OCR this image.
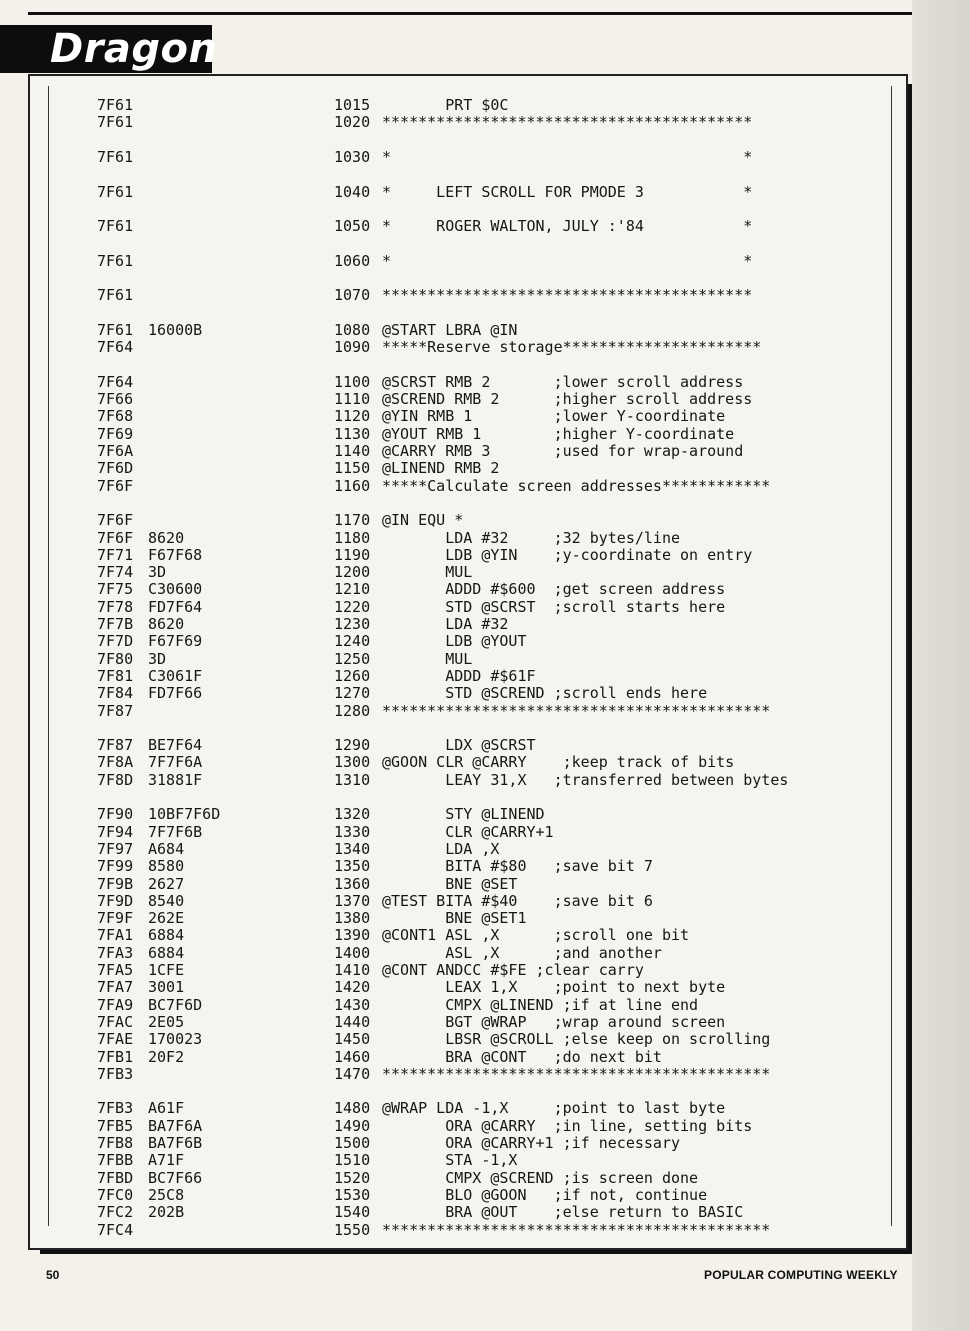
Dragon
7F61	1015 PRT $0C
7F61	1020 *****************************************
7F61	1030 *                                       *
7F61	1040 *     LEFT SCROLL FOR PMODE 3           *
7F61	1050 *     ROGER WALTON, JULY :'84           *
7F61	1060 *                                       *
7F61	1070 *****************************************
7F61 16000B	1080 @START LBRA @IN
7F64	1090 *****Reserve storage**********************
7F64	1100 @SCRST RMB 2       ;lower scroll address
7F66	1110 @SCREND RMB 2      ;higher scroll address
7F68	1120 @YIN RMB 1         ;lower Y-coordinate
7F69	1130 @YOUT RMB 1        ;higher Y-coordinate
7F6A	1140 @CARRY RMB 3       ;used for wrap-around
7F6D	1150 @LINEND RMB 2
7F6F	1160 *****Calculate screen addresses************
7F6F	1170 @IN EQU *
7F6F 8620	1180 LDA #32     ;32 bytes/line
7F71 F67F68	1190 LDB @YIN    ;y-coordinate on entry
7F74 3D	1200 MUL
7F75 C30600	1210 ADDD #$600  ;get screen address
7F78 FD7F64	1220 STD @SCRST  ;scroll starts here
7F7B 8620	1230 LDA #32
7F7D F67F69	1240 LDB @YOUT
7F80 3D	1250 MUL
7F81 C3061F	1260 ADDD #$61F
7F84 FD7F66	1270 STD @SCREND ;scroll ends here
7F87	1280 *******************************************
7F87 BE7F64	1290 LDX @SCRST
7F8A 7F7F6A	1300 @GOON CLR @CARRY    ;keep track of bits
7F8D 31881F	1310 LEAY 31,X   ;transferred between bytes
7F90 10BF7F6D	1320 STY @LINEND
7F94 7F7F6B	1330 CLR @CARRY+1
7F97 A684	1340 LDA ,X
7F99 8580	1350 BITA #$80   ;save bit 7
7F9B 2627	1360 BNE @SET
7F9D 8540	1370 @TEST BITA #$40    ;save bit 6
7F9F 262E	1380 BNE @SET1
7FA1 6884	1390 @CONT1 ASL ,X      ;scroll one bit
7FA3 6884	1400 ASL ,X      ;and another
7FA5 1CFE	1410 @CONT ANDCC #$FE ;clear carry
7FA7 3001	1420 LEAX 1,X    ;point to next byte
7FA9 BC7F6D	1430 CMPX @LINEND ;if at line end
7FAC 2E05	1440 BGT @WRAP   ;wrap around screen
7FAE 170023	1450 LBSR @SCROLL ;else keep on scrolling
7FB1 20F2	1460 BRA @CONT   ;do next bit
7FB3	1470 *******************************************
7FB3 A61F	1480 @WRAP LDA -1,X     ;point to last byte
7FB5 BA7F6A	1490 ORA @CARRY  ;in line, setting bits
7FB8 BA7F6B	1500 ORA @CARRY+1 ;if necessary
7FBB A71F	1510 STA -1,X
7FBD BC7F66	1520 CMPX @SCREND ;is screen done
7FC0 25C8	1530 BLO @GOON   ;if not, continue
7FC2 202B	1540 BRA @OUT    ;else return to BASIC
7FC4	1550 *******************************************
50	POPULAR COMPUTING WEEKLY
